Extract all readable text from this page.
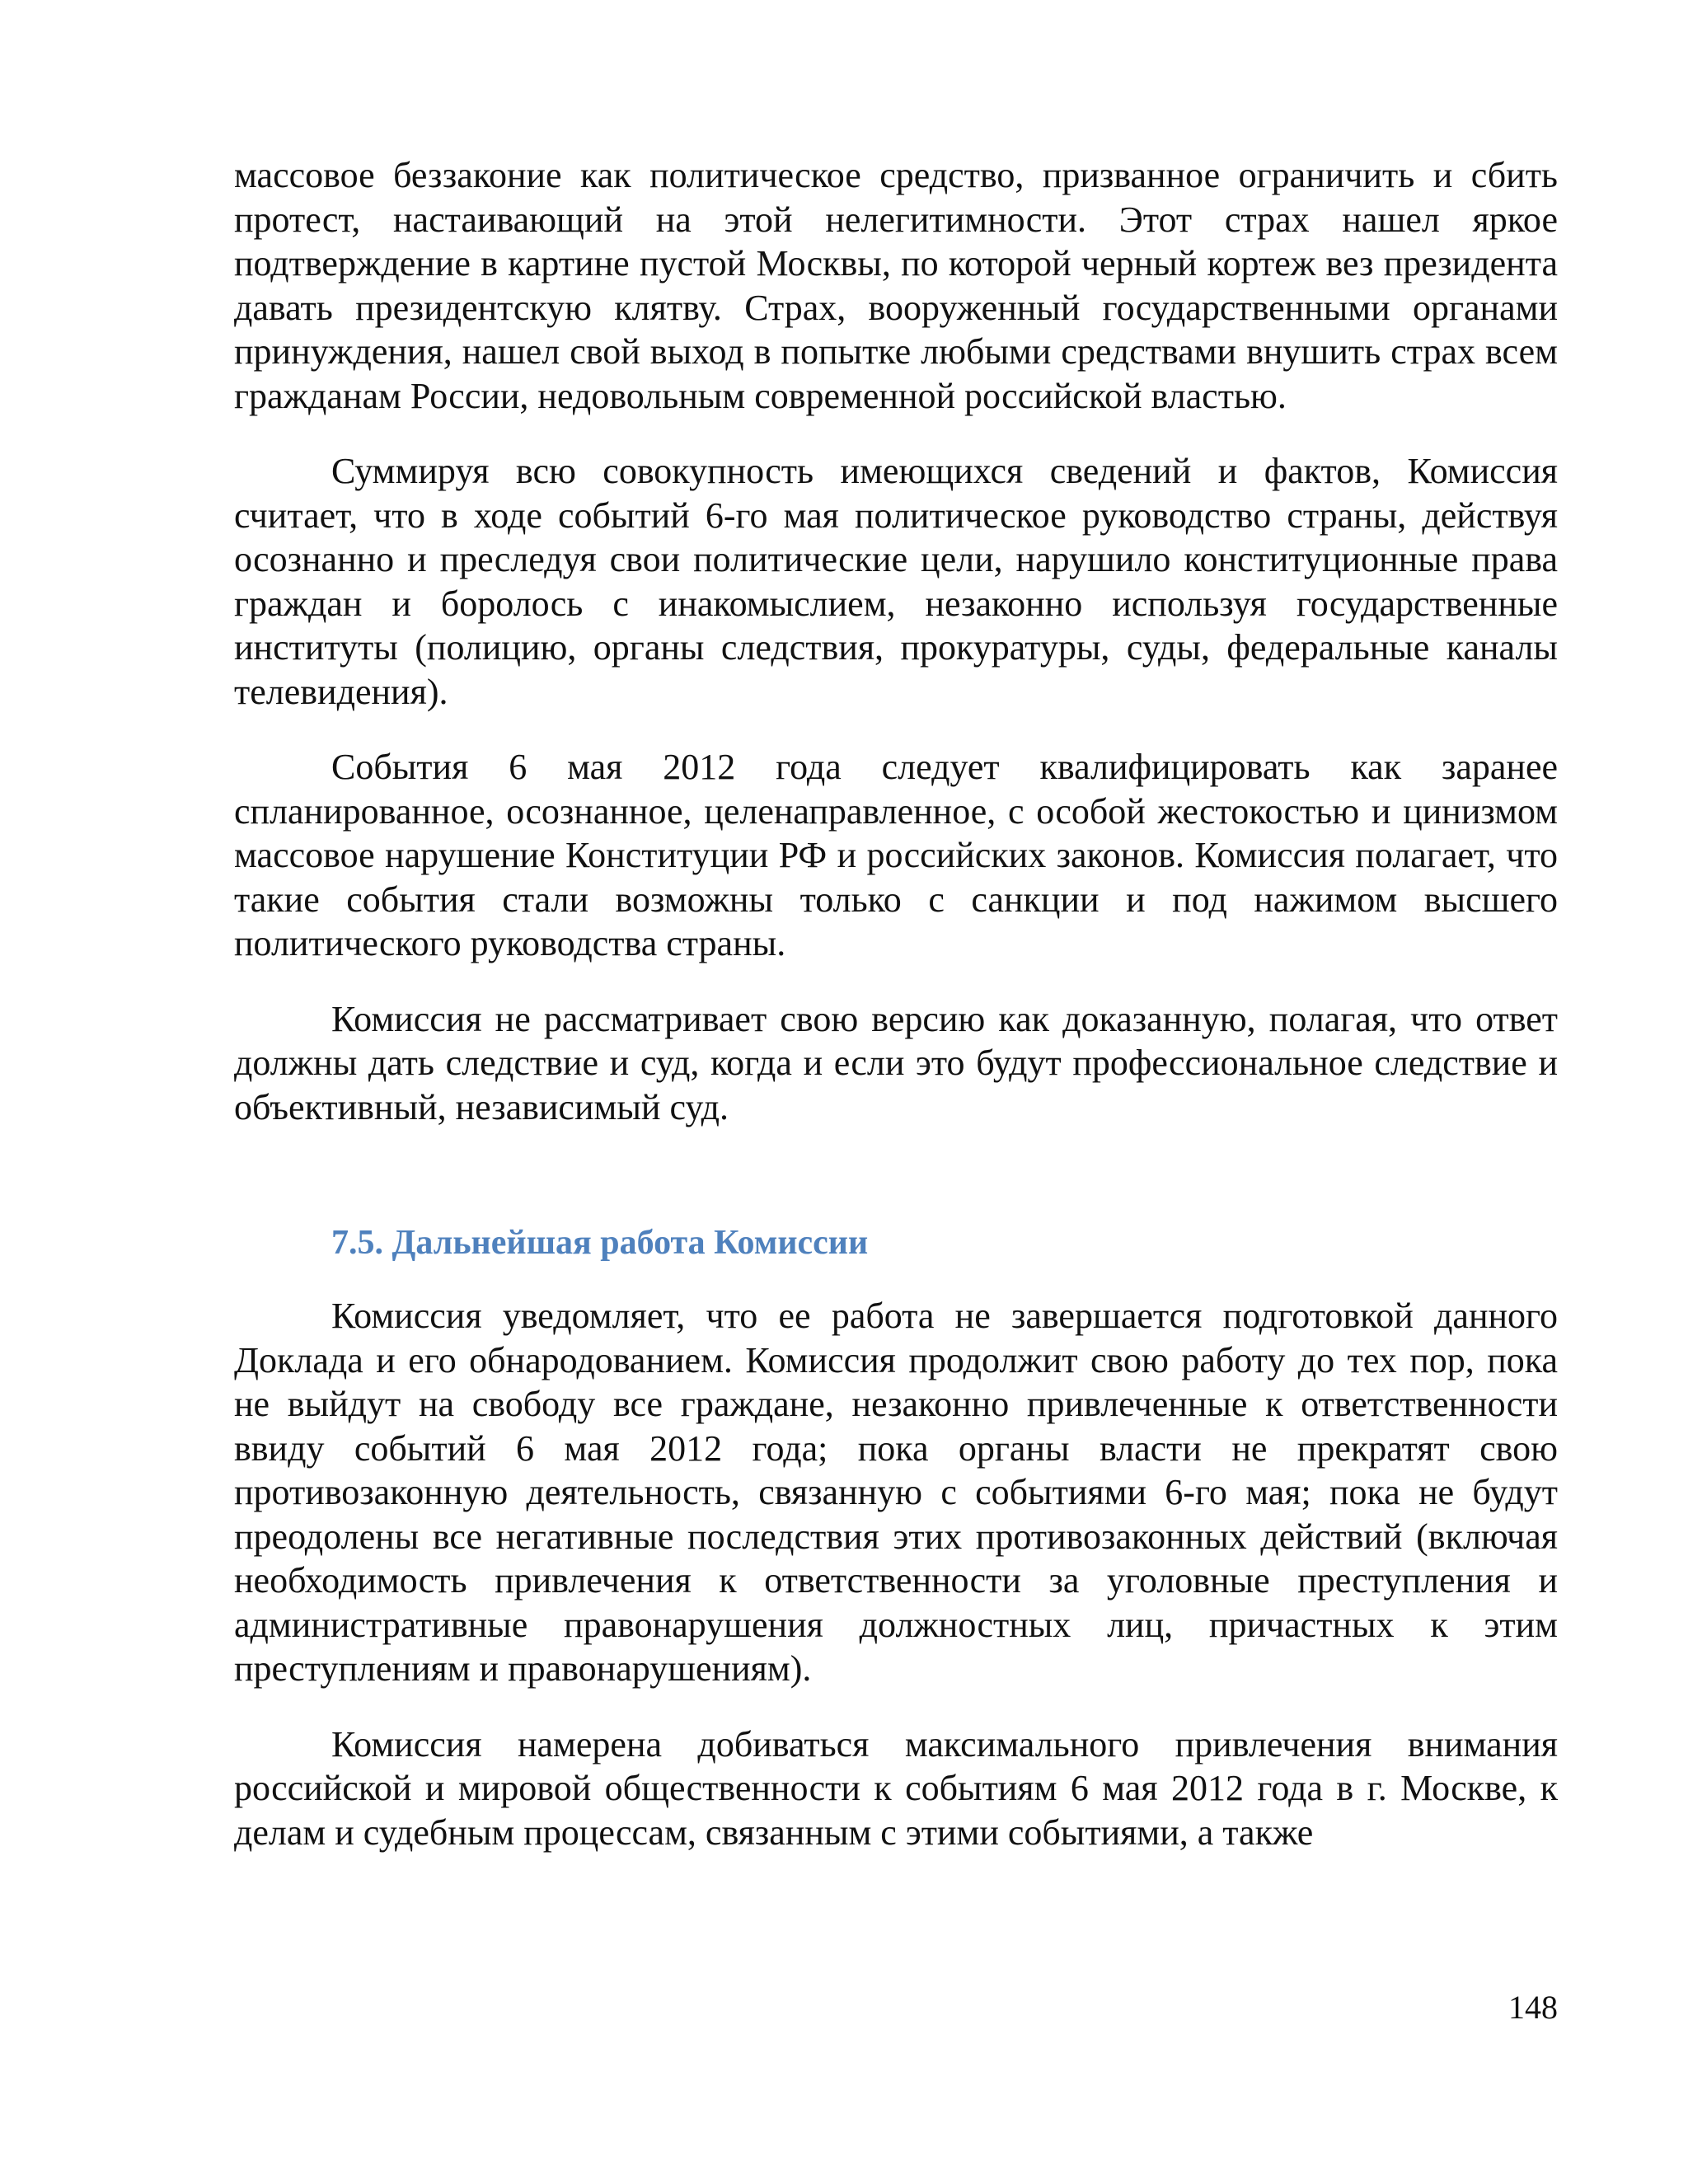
массовое беззаконие как политическое средство, призванное ограничить и сбить протест, настаивающий на этой нелегитимности. Этот страх нашел яркое подтверждение в картине пустой Москвы, по которой черный кортеж вез президента давать президентскую клятву. Страх, вооруженный государственными органами принуждения, нашел свой выход в попытке любыми средствами внушить страх всем гражданам России, недовольным современной российской властью.

Суммируя всю совокупность имеющихся сведений и фактов, Комиссия считает, что в ходе событий 6-го мая политическое руководство страны, действуя осознанно и преследуя свои политические цели, нарушило конституционные права граждан и боролось с инакомыслием, незаконно используя государственные институты (полицию, органы следствия, прокуратуры, суды, федеральные каналы телевидения).

События 6 мая 2012 года следует квалифицировать как заранее спланированное, осознанное, целенаправленное, с особой жестокостью и цинизмом массовое нарушение Конституции РФ и российских законов. Комиссия полагает, что такие события стали возможны только с санкции и под нажимом высшего политического руководства страны.

Комиссия не рассматривает свою версию как доказанную, полагая, что ответ должны дать следствие и суд, когда и если это будут профессиональное следствие и объективный, независимый суд.

7.5. Дальнейшая работа Комиссии

Комиссия уведомляет, что ее работа не завершается подготовкой данного Доклада и его обнародованием. Комиссия продолжит свою работу до тех пор, пока не выйдут на свободу все граждане, незаконно привлеченные к ответственности ввиду событий 6 мая 2012 года; пока органы власти не прекратят свою противозаконную деятельность, связанную с событиями 6-го мая; пока не будут преодолены все негативные последствия этих противозаконных действий (включая необходимость привлечения к ответственности за уголовные преступления и административные правонарушения должностных лиц, причастных к этим преступлениям и правонарушениям).

Комиссия намерена добиваться максимального привлечения внимания российской и мировой общественности к событиям 6 мая 2012 года в г. Москве, к делам и судебным процессам, связанным с этими событиями, а также

148
